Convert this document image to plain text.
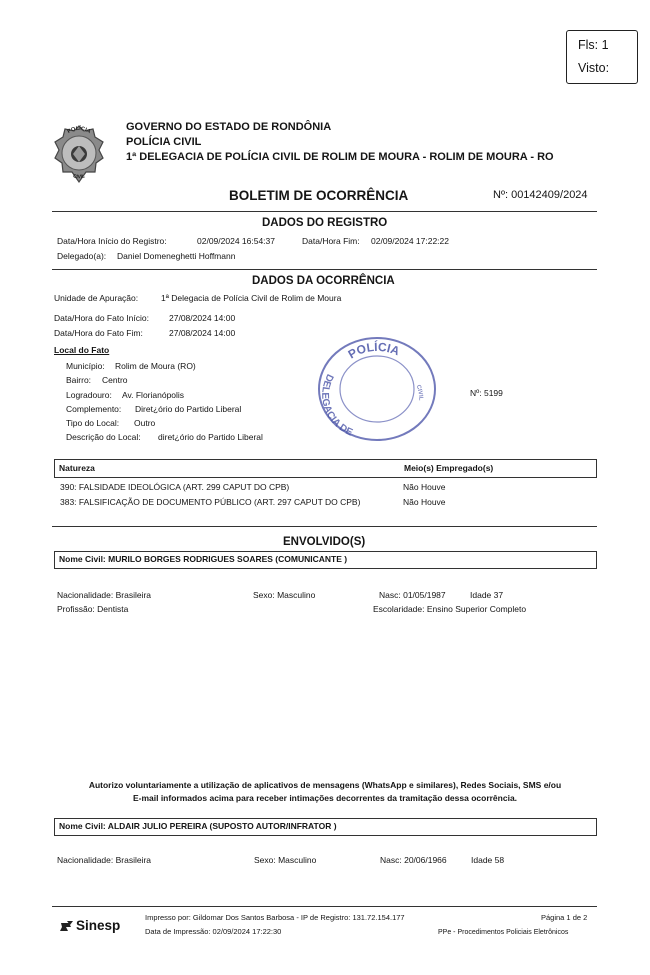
Fls: 1
Visto:
POLÍCIA
CIVIL
GOVERNO DO ESTADO DE RONDÔNIA
POLÍCIA CIVIL
1ª DELEGACIA DE POLÍCIA CIVIL DE ROLIM DE MOURA - ROLIM DE MOURA - RO
BOLETIM DE OCORRÊNCIA	Nº: 00142409/2024
DADOS DO REGISTRO
Data/Hora Início do Registro:	02/09/2024 16:54:37	Data/Hora Fim: 02/09/2024 17:22:22
Delegado(a): Daniel Domeneghetti Hoffmann
DADOS DA OCORRÊNCIA
Unidade de Apuração:	1ª Delegacia de Polícia Civil de Rolim de Moura
Data/Hora do Fato Início: 27/08/2024 14:00
Data/Hora do Fato Fim:	27/08/2024 14:00
Local do Fato
Município: Rolim de Moura (RO)
Bairro: Centro
Logradouro: Av. Florianópolis
Complemento: Diret¿ório do Partido Liberal
Tipo do Local: Outro
Descrição do Local: diret¿ório do Partido Liberal
Nº: 5199
POLÍCIA
DELEGACIA DE
CIVIL
Natureza	Meio(s) Empregado(s)
390: FALSIDADE IDEOLÓGICA (ART. 299 CAPUT DO CPB)	Não Houve
383: FALSIFICAÇÃO DE DOCUMENTO PÚBLICO (ART. 297 CAPUT DO CPB)	Não Houve
ENVOLVIDO(S)
Nome Civil: MURILO BORGES RODRIGUES SOARES (COMUNICANTE )
Nacionalidade: Brasileira	Sexo: Masculino	Nasc: 01/05/1987	Idade 37
Profissão: Dentista	Escolaridade: Ensino Superior Completo
Autorizo voluntariamente a utilização de aplicativos de mensagens (WhatsApp e similares), Redes Sociais, SMS e/ou
E-mail informados acima para receber intimações decorrentes da tramitação dessa ocorrência.
Nome Civil: ALDAIR JULIO PEREIRA (SUPOSTO AUTOR/INFRATOR )
Nacionalidade: Brasileira	Sexo: Masculino	Nasc: 20/06/1966	Idade 58
Sinesp
Impresso por: Gildomar Dos Santos Barbosa - IP de Registro: 131.72.154.177
Data de Impressão: 02/09/2024 17:22:30
Página 1 de 2
PPe - Procedimentos Policiais Eletrônicos
